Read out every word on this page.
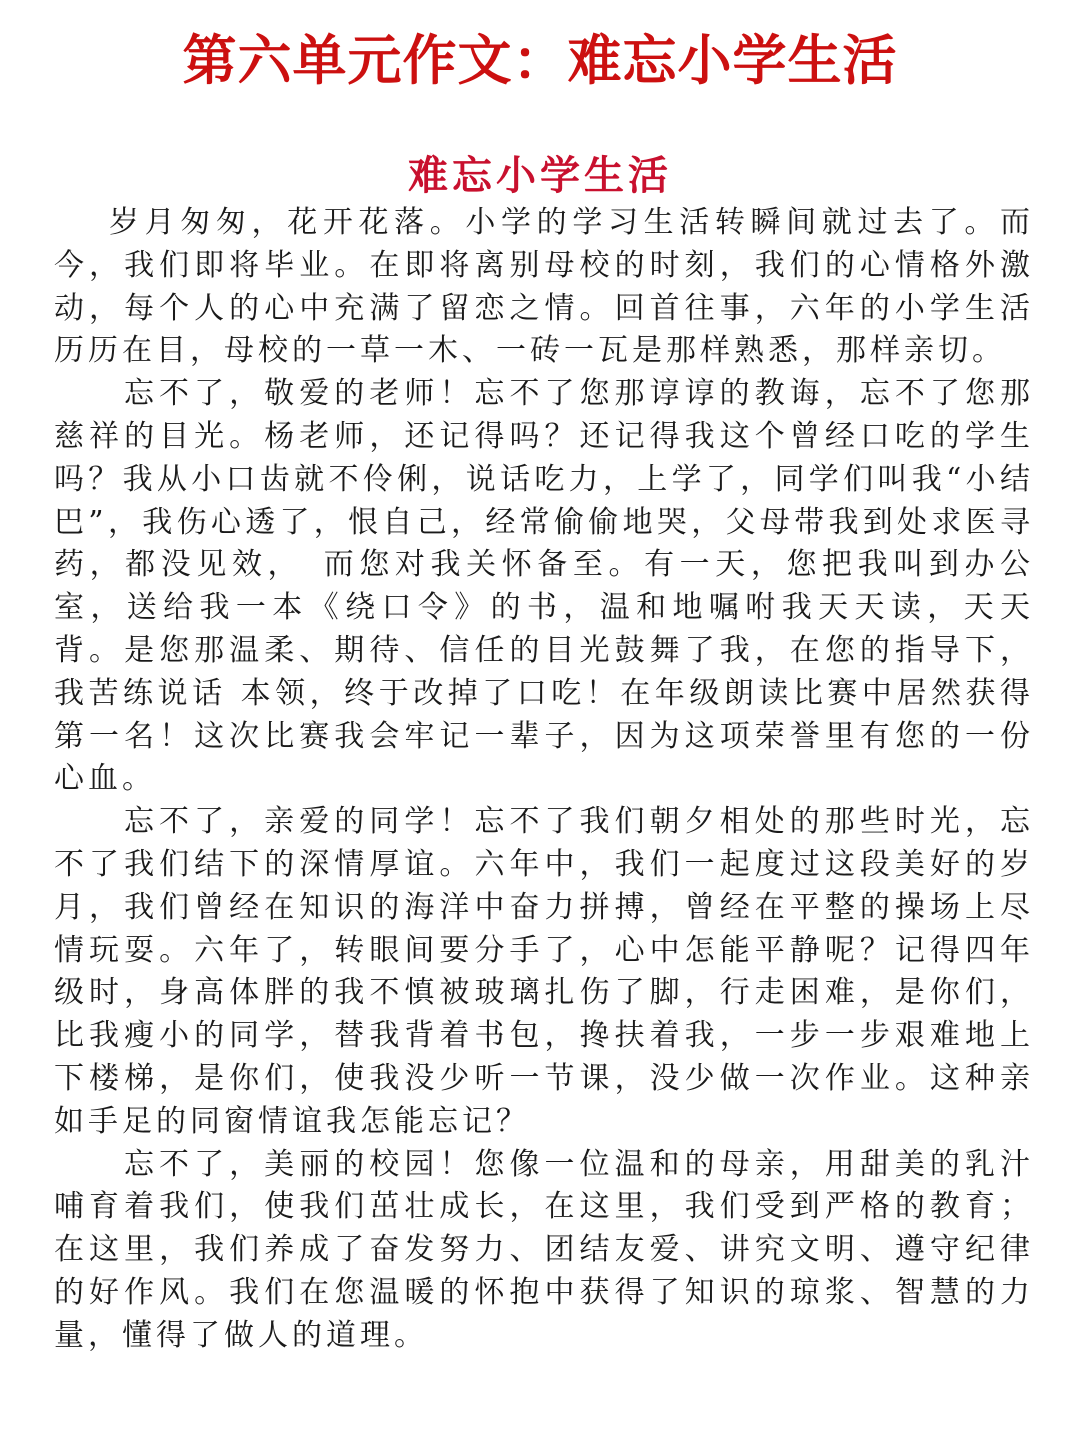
第六单元作文：难忘小学生活
难忘小学生活

岁月匆匆，花开花落。小学的学习生活转瞬间就过去了。而今，我们即将毕业。在即将离别母校的时刻，我们的心情格外激动，每个人的心中充满了留恋之情。回首往事，六年的小学生活历历在目，母校的一草一木、一砖一瓦是那样熟悉，那样亲切。

忘不了，敬爱的老师！忘不了您那谆谆的教诲，忘不了您那慈祥的目光。杨老师，还记得吗？还记得我这个曾经口吃的学生吗？我从小口齿就不伶俐，说话吃力，上学了，同学们叫我“小结巴”，我伤心透了，恨自己，经常偷偷地哭，父母带我到处求医寻药，都没见效，　而您对我关怀备至。有一天，您把我叫到办公室，送给我一本《绕口令》的书，温和地嘱咐我天天读，天天背。是您那温柔、期待、信任的目光鼓舞了我，在您的指导下，我苦练说话 本领，终于改掉了口吃！在年级朗读比赛中居然获得第一名！这次比赛我会牢记一辈子，因为这项荣誉里有您的一份心血。

忘不了，亲爱的同学！忘不了我们朝夕相处的那些时光，忘不了我们结下的深情厚谊。六年中，我们一起度过这段美好的岁月，我们曾经在知识的海洋中奋力拼搏，曾经在平整的操场上尽情玩耍。六年了，转眼间要分手了，心中怎能平静呢？记得四年级时，身高体胖的我不慎被玻璃扎伤了脚，行走困难，是你们，比我瘦小的同学，替我背着书包，搀扶着我，一步一步艰难地上下楼梯，是你们，使我没少听一节课，没少做一次作业。这种亲如手足的同窗情谊我怎能忘记？

忘不了，美丽的校园！您像一位温和的母亲，用甜美的乳汁哺育着我们，使我们茁壮成长，在这里，我们受到严格的教育；在这里，我们养成了奋发努力、团结友爱、讲究文明、遵守纪律的好作风。我们在您温暖的怀抱中获得了知识的琼浆、智慧的力量，懂得了做人的道理。
